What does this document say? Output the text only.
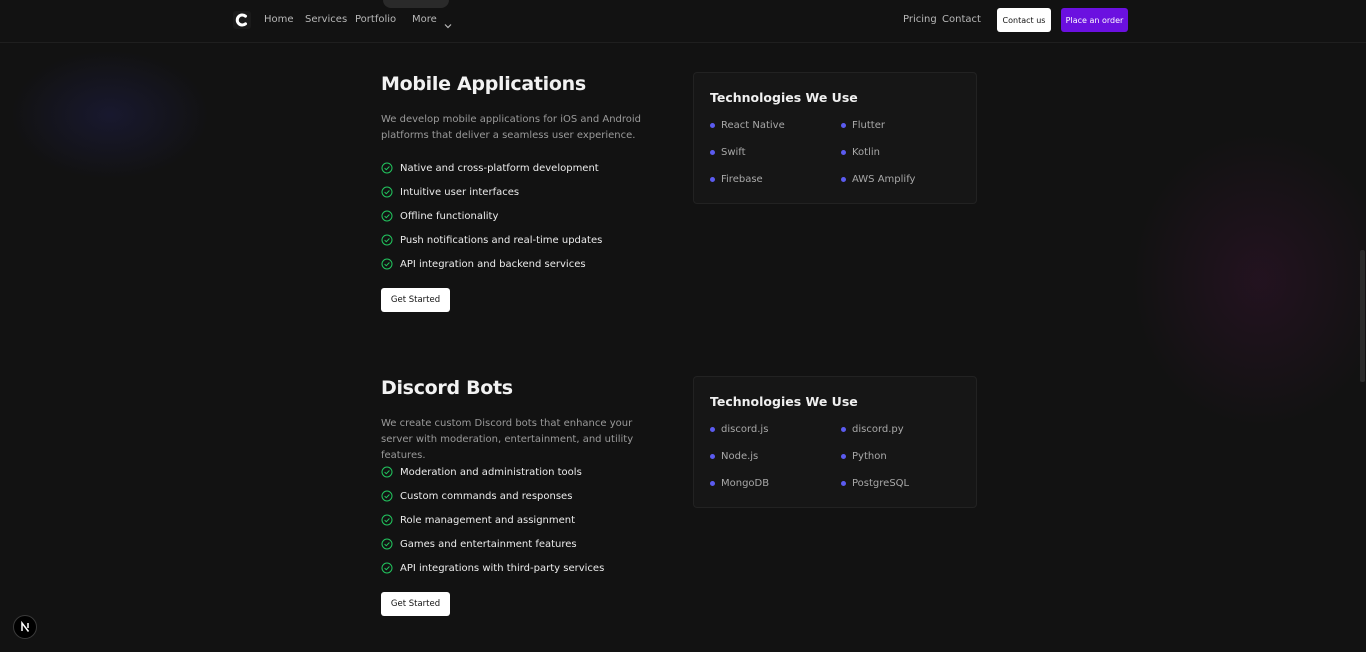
Home Services Portfolio More	Pricing Contact	Contact us	Place an order
Mobile Applications
We develop mobile applications for iOS and Android platforms that deliver a seamless user experience.
Native and cross-platform development
Intuitive user interfaces
Offline functionality
Push notifications and real-time updates
API integration and backend services
Get Started
Technologies We Use
React Native	Flutter
Swift	Kotlin
Firebase	AWS Amplify
Discord Bots
We create custom Discord bots that enhance your server with moderation, entertainment, and utility features.
Moderation and administration tools
Custom commands and responses
Role management and assignment
Games and entertainment features
API integrations with third-party services
Get Started
Technologies We Use
discord.js	discord.py
Node.js	Python
MongoDB	PostgreSQL
